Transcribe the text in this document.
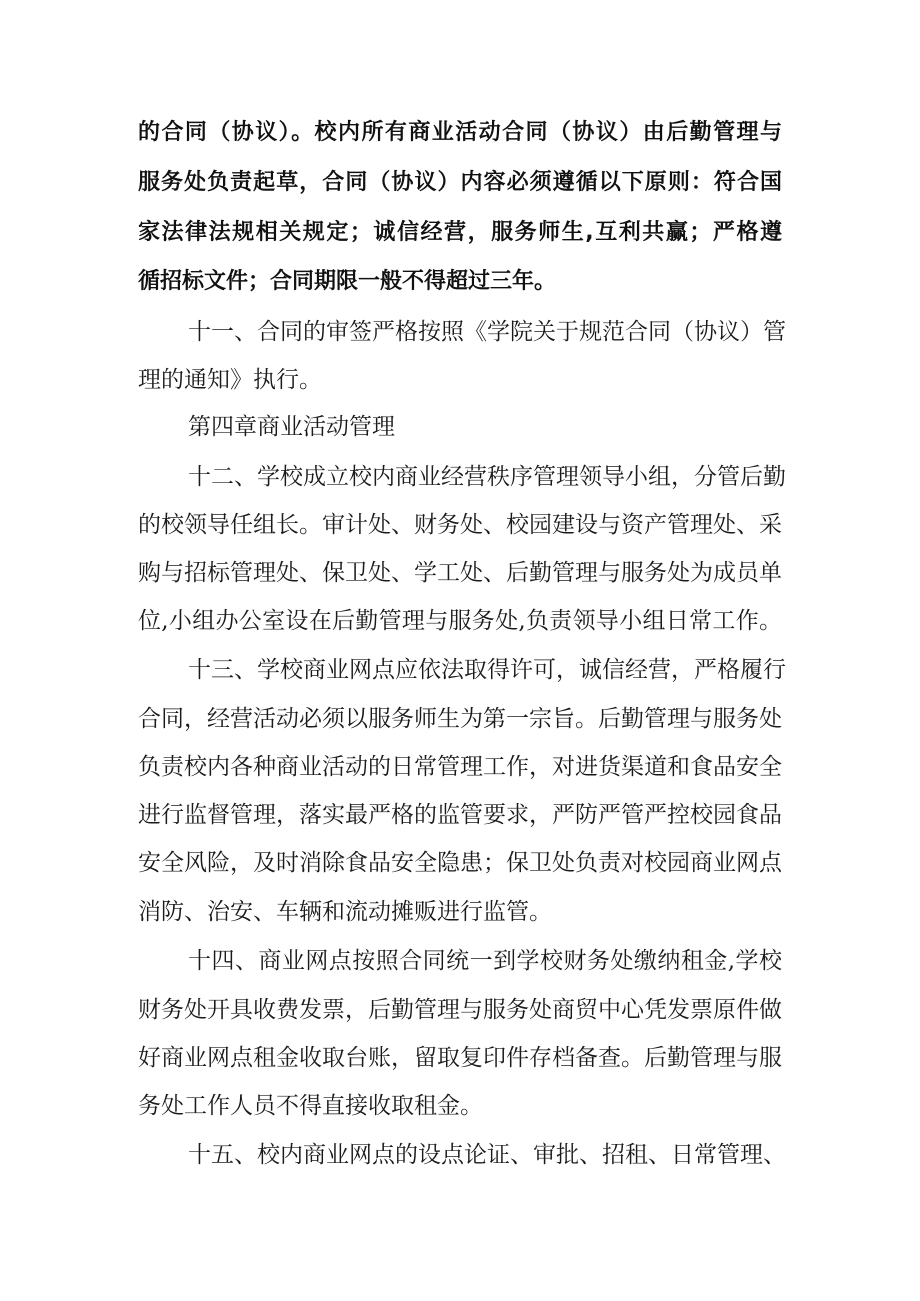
的合同（协议）。校内所有商业活动合同（协议）由后勤管理与
服务处负责起草，合同（协议）内容必须遵循以下原则：符合国
家法律法规相关规定；诚信经营，服务师生,互利共赢；严格遵
循招标文件；合同期限一般不得超过三年。
十一、合同的审签严格按照《学院关于规范合同（协议）管
理的通知》执行。
第四章商业活动管理
十二、学校成立校内商业经营秩序管理领导小组，分管后勤
的校领导任组长。审计处、财务处、校园建设与资产管理处、采
购与招标管理处、保卫处、学工处、后勤管理与服务处为成员单
位,小组办公室设在后勤管理与服务处,负责领导小组日常工作。
十三、学校商业网点应依法取得许可，诚信经营，严格履行
合同，经营活动必须以服务师生为第一宗旨。后勤管理与服务处
负责校内各种商业活动的日常管理工作，对进货渠道和食品安全
进行监督管理，落实最严格的监管要求，严防严管严控校园食品
安全风险，及时消除食品安全隐患；保卫处负责对校园商业网点
消防、治安、车辆和流动摊贩进行监管。
十四、商业网点按照合同统一到学校财务处缴纳租金,学校
财务处开具收费发票，后勤管理与服务处商贸中心凭发票原件做
好商业网点租金收取台账，留取复印件存档备查。后勤管理与服
务处工作人员不得直接收取租金。
十五、校内商业网点的设点论证、审批、招租、日常管理、
